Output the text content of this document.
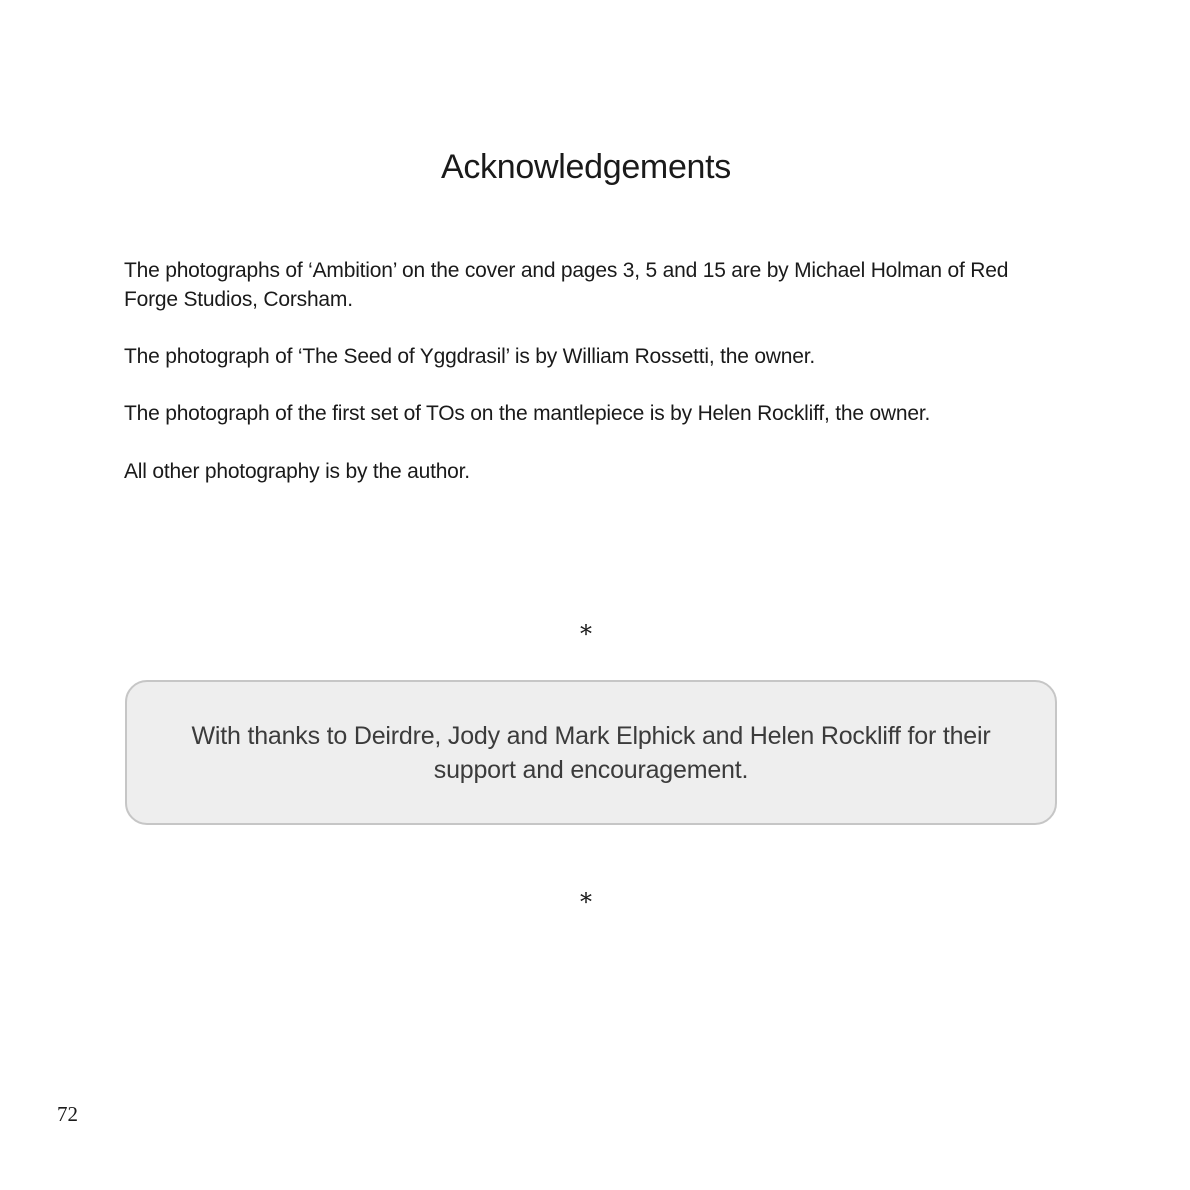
Acknowledgements

The photographs of ‘Ambition’ on the cover and pages 3, 5 and 15 are by Michael Holman of Red Forge Studios, Corsham.

The photograph of ‘The Seed of Yggdrasil’ is by William Rossetti, the owner.

The photograph of the first set of TOs on the mantlepiece is by Helen Rockliff, the owner.

All other photography is by the author.

*

With thanks to Deirdre, Jody and Mark Elphick and Helen Rockliff for their support and encouragement.

*
72
